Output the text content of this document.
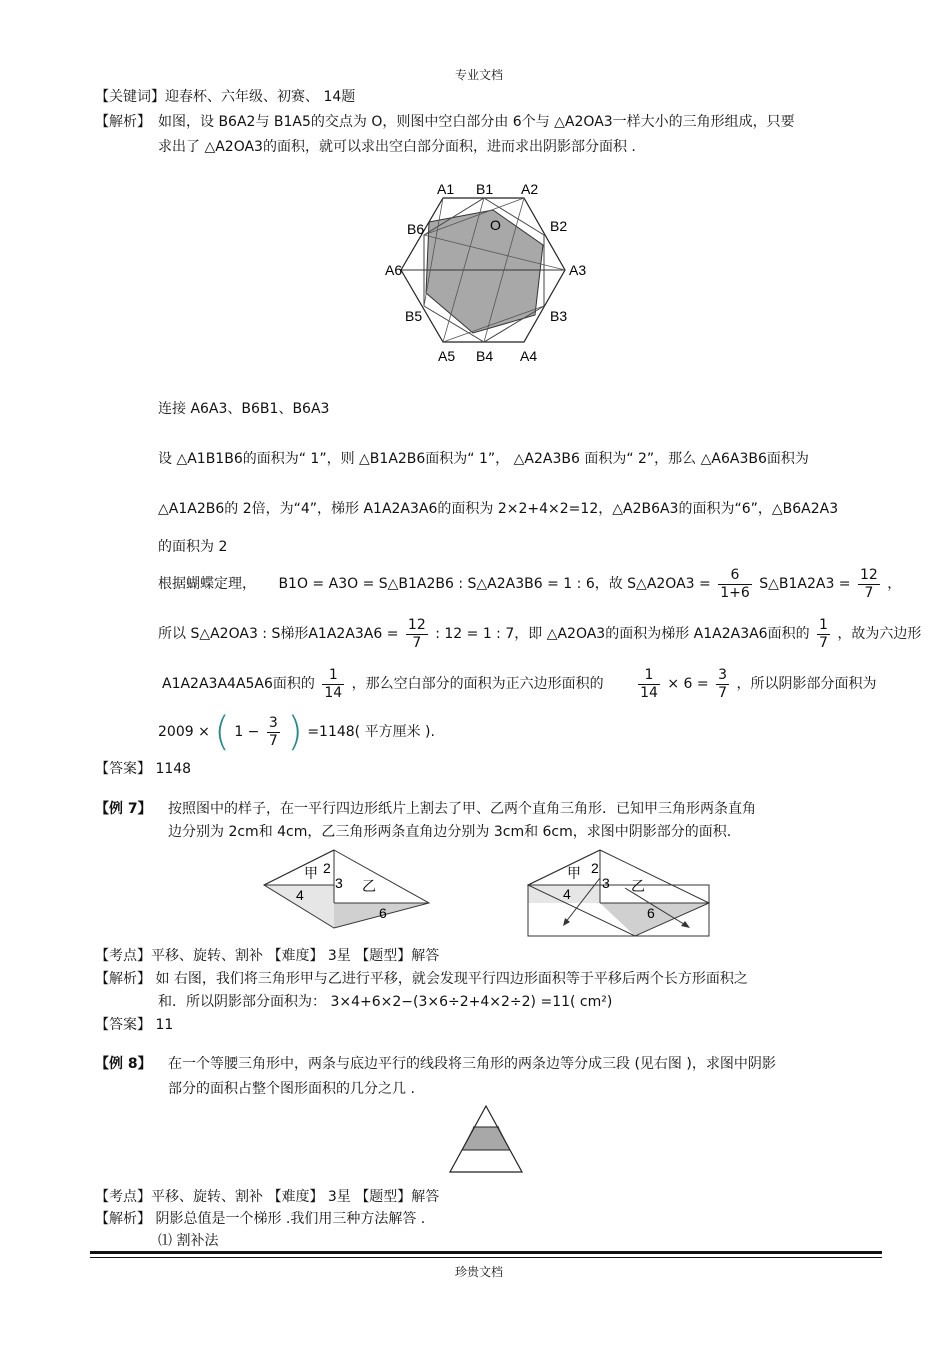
专业文档
珍贵文档
【关键词】迎春杯、六年级、初赛、 14题
【解析】 如图，设 B6A2与 B1A5的交点为 O，则图中空白部分由 6个与 △A2OA3一样大小的三角形组成，只要
求出了 △A2OA3的面积，就可以求出空白部分面积，进而求出阴影部分面积 .
A1 B1 A2
B6	O	B2
A6	A3
B5	B3
A5 B4 A4
连接 A6A3、B6B1、B6A3
设 △A1B1B6的面积为“ 1”，则 △B1A2B6面积为“ 1”， △A2A3B6 面积为“ 2”，那么 △A6A3B6面积为
△A1A2B6的 2倍，为“4”，梯形 A1A2A3A6的面积为 2×2+4×2=12，△A2B6A3的面积为“6”，△B6A2A3
的面积为 2
根据蝴蝶定理， B1O = A3O = S△B1A2B6 : S△A2A3B6 = 1 : 6，故 S△A2OA3 = $\frac{6}{1+6}$ S△B1A2A3 = $\frac{12}{7}$ ，
所以 S△A2OA3 : S梯形$A1A2A3A6 = \frac{12}{7}$ : 12 = 1 : 7，即 △A2OA3的面积为梯形 A1A2A3A6面积的 $\frac{1}{7}$ ，故为六边形
A1A2A3A4A5A6面积的 $\frac{1}{14}$ ，那么空白部分的面积为正六边形面积的 $\frac{1}{14} \times 6 = \frac{3}{7}$ ，所以阴影部分面积为
2009 × ( $1 - \frac{3}{7}$ ) =1148( 平方厘米 ).
【答案】 1148
【例 7】 按照图中的样子，在一平行四边形纸片上割去了甲、乙两个直角三角形．已知甲三角形两条直角
边分别为 2cm和 4cm，乙三角形两条直角边分别为 3cm和 6cm，求图中阴影部分的面积.
甲 2
3 乙
4
6
甲 2
3 乙
4
6
【考点】平移、旋转、割补 【难度】 3星 【题型】解答
【解析】 如 右图，我们将三角形甲与乙进行平移，就会发现平行四边形面积等于平移后两个长方形面积之
和．所以阴影部分面积为： 3×4+6×2−(3×6÷2+4×2÷2) =11( cm²)
【答案】 11
【例 8】 在一个等腰三角形中，两条与底边平行的线段将三角形的两条边等分成三段 (见右图 )，求图中阴影
部分的面积占整个图形面积的几分之几 .
【考点】平移、旋转、割补 【难度】 3星 【题型】解答
【解析】 阴影总值是一个梯形 .我们用三种方法解答 .
⑴ 割补法
